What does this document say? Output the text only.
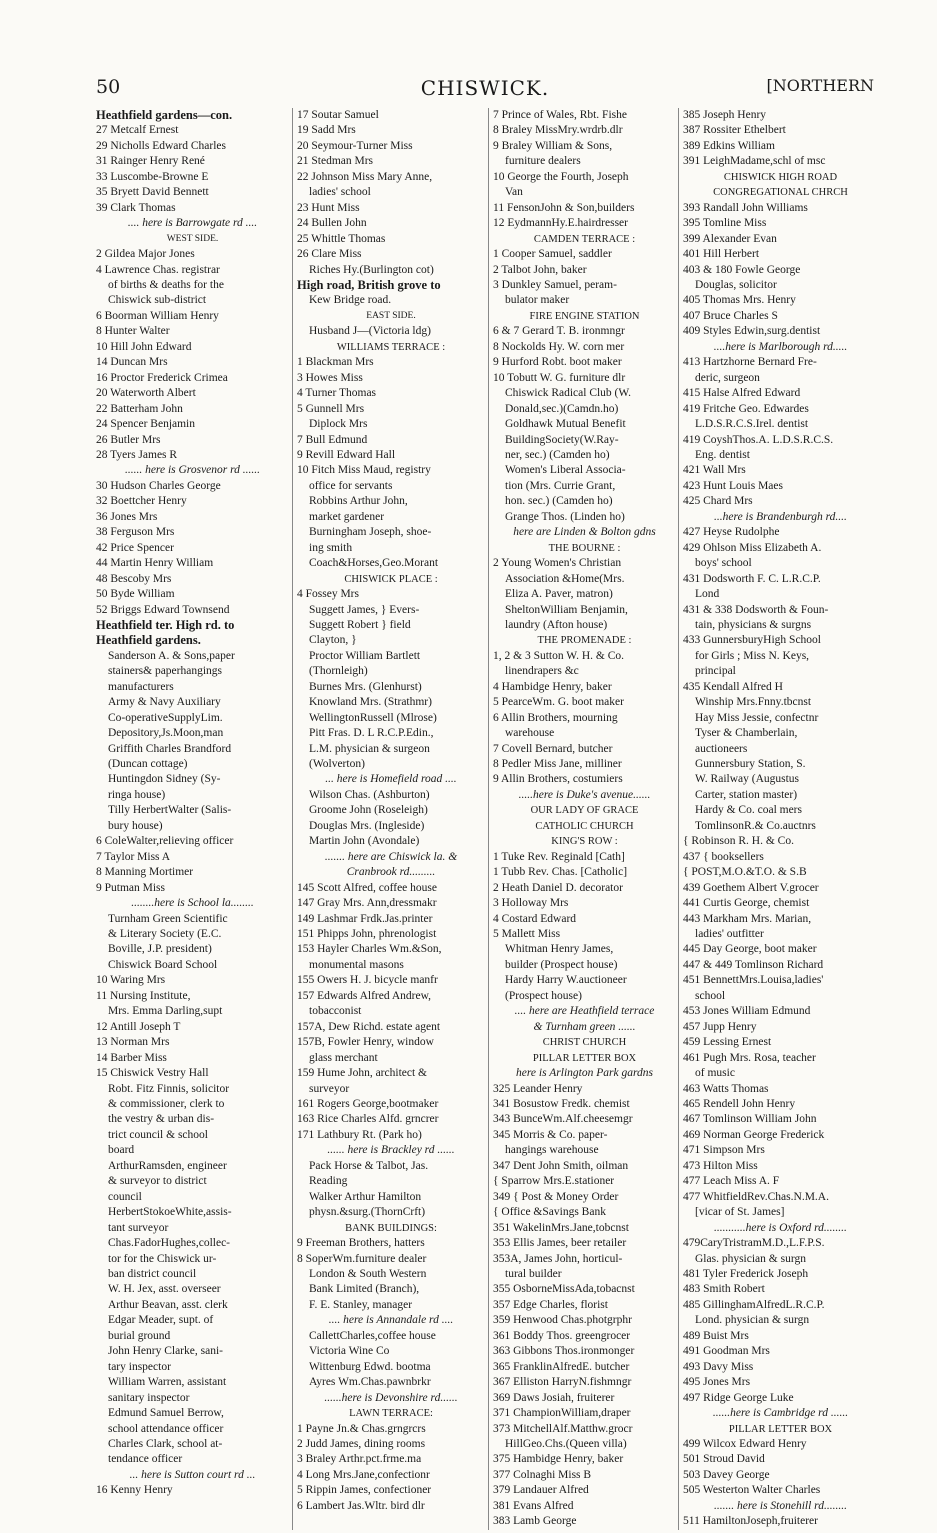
50	CHISWICK.	[NORTHERN
Heathfield gardens—con.
27 Metcalf Ernest
29 Nicholls Edward Charles
31 Rainger Henry René
33 Luscombe-Browne E
35 Bryett David Bennett
39 Clark Thomas
.... here is Barrowgate rd ....
WEST SIDE.
2 Gildea Major Jones
4 Lawrence Chas. registrar
of births & deaths for the
Chiswick sub-district
6 Boorman William Henry
8 Hunter Walter
10 Hill John Edward
14 Duncan Mrs
16 Proctor Frederick Crimea
20 Waterworth Albert
22 Batterham John
24 Spencer Benjamin
26 Butler Mrs
28 Tyers James R
...... here is Grosvenor rd ......
30 Hudson Charles George
32 Boettcher Henry
36 Jones Mrs
38 Ferguson Mrs
42 Price Spencer
44 Martin Henry William
48 Bescoby Mrs
50 Byde William
52 Briggs Edward Townsend
Heathfield ter. High rd. to
Heathfield gardens.
Sanderson A. & Sons,paper
stainers& paperhangings
manufacturers
Army & Navy Auxiliary
Co-operativeSupplyLim.
Depository,Js.Moon,man
Griffith Charles Brandford
(Duncan cottage)
Huntingdon Sidney (Sy-
ringa house)
Tilly HerbertWalter (Salis-
bury house)
6 ColeWalter,relieving officer
7 Taylor Miss A
8 Manning Mortimer
9 Putman Miss
........here is School la........
Turnham Green Scientific
& Literary Society (E.C.
Boville, J.P. president)
Chiswick Board School
10 Waring Mrs
11 Nursing Institute,
Mrs. Emma Darling,supt
12 Antill Joseph T
13 Norman Mrs
14 Barber Miss
15 Chiswick Vestry Hall
Robt. Fitz Finnis, solicitor
& commissioner, clerk to
the vestry & urban dis-
trict council & school
board
ArthurRamsden, engineer
& surveyor to district
council
HerbertStokoeWhite,assis-
tant surveyor
Chas.FadorHughes,collec-
tor for the Chiswick ur-
ban district council
W. H. Jex, asst. overseer
Arthur Beavan, asst. clerk
Edgar Meader, supt. of
burial ground
John Henry Clarke, sani-
tary inspector
William Warren, assistant
sanitary inspector
Edmund Samuel Berrow,
school attendance officer
Charles Clark, school at-
tendance officer
... here is Sutton court rd ...
16 Kenny Henry
17 Soutar Samuel
19 Sadd Mrs
20 Seymour-Turner Miss
21 Stedman Mrs
22 Johnson Miss Mary Anne,
ladies' school
23 Hunt Miss
24 Bullen John
25 Whittle Thomas
26 Clare Miss
Riches Hy.(Burlington cot)
High road, British grove to
Kew Bridge road.
EAST SIDE.
Husband J—(Victoria ldg)
WILLIAMS TERRACE :
1 Blackman Mrs
3 Howes Miss
4 Turner Thomas
5 Gunnell Mrs
Diplock Mrs
7 Bull Edmund
9 Revill Edward Hall
10 Fitch Miss Maud, registry
office for servants
Robbins Arthur John,
market gardener
Burningham Joseph, shoe-
ing smith
Coach&Horses,Geo.Morant
CHISWICK PLACE :
4 Fossey Mrs
Suggett James, } Evers-
Suggett Robert } field
Clayton, }
Proctor William Bartlett
(Thornleigh)
Burnes Mrs. (Glenhurst)
Knowland Mrs. (Strathmr)
WellingtonRussell (Mlrose)
Pitt Fras. D. L R.C.P.Edin.,
L.M. physician & surgeon
(Wolverton)
... here is Homefield road ....
Wilson Chas. (Ashburton)
Groome John (Roseleigh)
Douglas Mrs. (Ingleside)
Martin John (Avondale)
....... here are Chiswick la. &
Cranbrook rd.........
145 Scott Alfred, coffee house
147 Gray Mrs. Ann,dressmakr
149 Lashmar Frdk.Jas.printer
151 Phipps John, phrenologist
153 Hayler Charles Wm.&Son,
monumental masons
155 Owers H. J. bicycle manfr
157 Edwards Alfred Andrew,
tobacconist
157A, Dew Richd. estate agent
157B, Fowler Henry, window
glass merchant
159 Hume John, architect &
surveyor
161 Rogers George,bootmaker
163 Rice Charles Alfd. grncrer
171 Lathbury Rt. (Park ho)
...... here is Brackley rd ......
Pack Horse & Talbot, Jas.
Reading
Walker Arthur Hamilton
physn.&surg.(ThornCrft)
BANK BUILDINGS:
9 Freeman Brothers, hatters
8 SoperWm.furniture dealer
London & South Western
Bank Limited (Branch),
F. E. Stanley, manager
.... here is Annandale rd ....
CallettCharles,coffee house
Victoria Wine Co
Wittenburg Edwd. bootma
Ayres Wm.Chas.pawnbrkr
......here is Devonshire rd......
LAWN TERRACE:
1 Payne Jn.& Chas.grngrcrs
2 Judd James, dining rooms
3 Braley Arthr.pct.frme.ma
4 Long Mrs.Jane,confectionr
5 Rippin James, confectioner
6 Lambert Jas.Wltr. bird dlr
7 Prince of Wales, Rbt. Fishe
8 Braley MissMry.wrdrb.dlr
9 Braley William & Sons,
furniture dealers
10 George the Fourth, Joseph
Van
11 FensonJohn & Son,builders
12 EydmannHy.E.hairdresser
CAMDEN TERRACE :
1 Cooper Samuel, saddler
2 Talbot John, baker
3 Dunkley Samuel, peram-
bulator maker
FIRE ENGINE STATION
6 & 7 Gerard T. B. ironmngr
8 Nockolds Hy. W. corn mer
9 Hurford Robt. boot maker
10 Tobutt W. G. furniture dlr
Chiswick Radical Club (W.
Donald,sec.)(Camdn.ho)
Goldhawk Mutual Benefit
BuildingSociety(W.Ray-
ner, sec.) (Camden ho)
Women's Liberal Associa-
tion (Mrs. Currie Grant,
hon. sec.) (Camden ho)
Grange Thos. (Linden ho)
here are Linden & Bolton gdns
THE BOURNE :
2 Young Women's Christian
Association &Home(Mrs.
Eliza A. Paver, matron)
SheltonWilliam Benjamin,
laundry (Afton house)
THE PROMENADE :
1, 2 & 3 Sutton W. H. & Co.
linendrapers &c
4 Hambidge Henry, baker
5 PearceWm. G. boot maker
6 Allin Brothers, mourning
warehouse
7 Covell Bernard, butcher
8 Pedler Miss Jane, milliner
9 Allin Brothers, costumiers
.....here is Duke's avenue......
OUR LADY OF GRACE
CATHOLIC CHURCH
KING'S ROW :
1 Tuke Rev. Reginald [Cath]
1 Tubb Rev. Chas. [Catholic]
2 Heath Daniel D. decorator
3 Holloway Mrs
4 Costard Edward
5 Mallett Miss
Whitman Henry James,
builder (Prospect house)
Hardy Harry W.auctioneer
(Prospect house)
.... here are Heathfield terrace
& Turnham green ......
CHRIST CHURCH
PILLAR LETTER BOX
here is Arlington Park gardns
325 Leander Henry
341 Bosustow Fredk. chemist
343 BunceWm.Alf.cheesemgr
345 Morris & Co. paper-
hangings warehouse
347 Dent John Smith, oilman
{ Sparrow Mrs.E.stationer
349 { Post & Money Order
{ Office &Savings Bank
351 WakelinMrs.Jane,tobcnst
353 Ellis James, beer retailer
353A, James John, horticul-
tural builder
355 OsborneMissAda,tobacnst
357 Edge Charles, florist
359 Henwood Chas.photgrphr
361 Boddy Thos. greengrocer
363 Gibbons Thos.ironmonger
365 FranklinAlfredE. butcher
367 Elliston HarryN.fishmngr
369 Daws Josiah, fruiterer
371 ChampionWilliam,draper
373 MitchellAlf.Matthw.grocr
HillGeo.Chs.(Queen villa)
375 Hambidge Henry, baker
377 Colnaghi Miss B
379 Landauer Alfred
381 Evans Alfred
383 Lamb George
385 Joseph Henry
387 Rossiter Ethelbert
389 Edkins William
391 LeighMadame,schl of msc
CHISWICK HIGH ROAD
CONGREGATIONAL CHRCH
393 Randall John Williams
395 Tomline Miss
399 Alexander Evan
401 Hill Herbert
403 & 180 Fowle George
Douglas, solicitor
405 Thomas Mrs. Henry
407 Bruce Charles S
409 Styles Edwin,surg.dentist
....here is Marlborough rd.....
413 Hartzhorne Bernard Fre-
deric, surgeon
415 Halse Alfred Edward
419 Fritche Geo. Edwardes
L.D.S.R.C.S.Irel. dentist
419 CoyshThos.A. L.D.S.R.C.S.
Eng. dentist
421 Wall Mrs
423 Hunt Louis Maes
425 Chard Mrs
...here is Brandenburgh rd....
427 Heyse Rudolphe
429 Ohlson Miss Elizabeth A.
boys' school
431 Dodsworth F. C. L.R.C.P.
Lond
431 & 338 Dodsworth & Foun-
tain, physicians & surgns
433 GunnersburyHigh School
for Girls ; Miss N. Keys,
principal
435 Kendall Alfred H
Winship Mrs.Fnny.tbcnst
Hay Miss Jessie, confectnr
Tyser & Chamberlain,
auctioneers
Gunnersbury Station, S.
W. Railway (Augustus
Carter, station master)
Hardy & Co. coal mers
TomlinsonR.& Co.auctnrs
{ Robinson R. H. & Co.
437 { booksellers
{ POST,M.O.&T.O. & S.B
439 Goethem Albert V.grocer
441 Curtis George, chemist
443 Markham Mrs. Marian,
ladies' outfitter
445 Day George, boot maker
447 & 449 Tomlinson Richard
451 BennettMrs.Louisa,ladies'
school
453 Jones William Edmund
457 Jupp Henry
459 Lessing Ernest
461 Pugh Mrs. Rosa, teacher
of music
463 Watts Thomas
465 Rendell John Henry
467 Tomlinson William John
469 Norman George Frederick
471 Simpson Mrs
473 Hilton Miss
477 Leach Miss A. F
477 WhitfieldRev.Chas.N.M.A.
[vicar of St. James]
...........here is Oxford rd........
479CaryTristramM.D.,L.F.P.S.
Glas. physician & surgn
481 Tyler Frederick Joseph
483 Smith Robert
485 GillinghamAlfredL.R.C.P.
Lond. physician & surgn
489 Buist Mrs
491 Goodman Mrs
493 Davy Miss
495 Jones Mrs
497 Ridge George Luke
......here is Cambridge rd ......
PILLAR LETTER BOX
499 Wilcox Edward Henry
501 Stroud David
503 Davey George
505 Westerton Walter Charles
....... here is Stonehill rd........
511 HamiltonJoseph,fruiterer
